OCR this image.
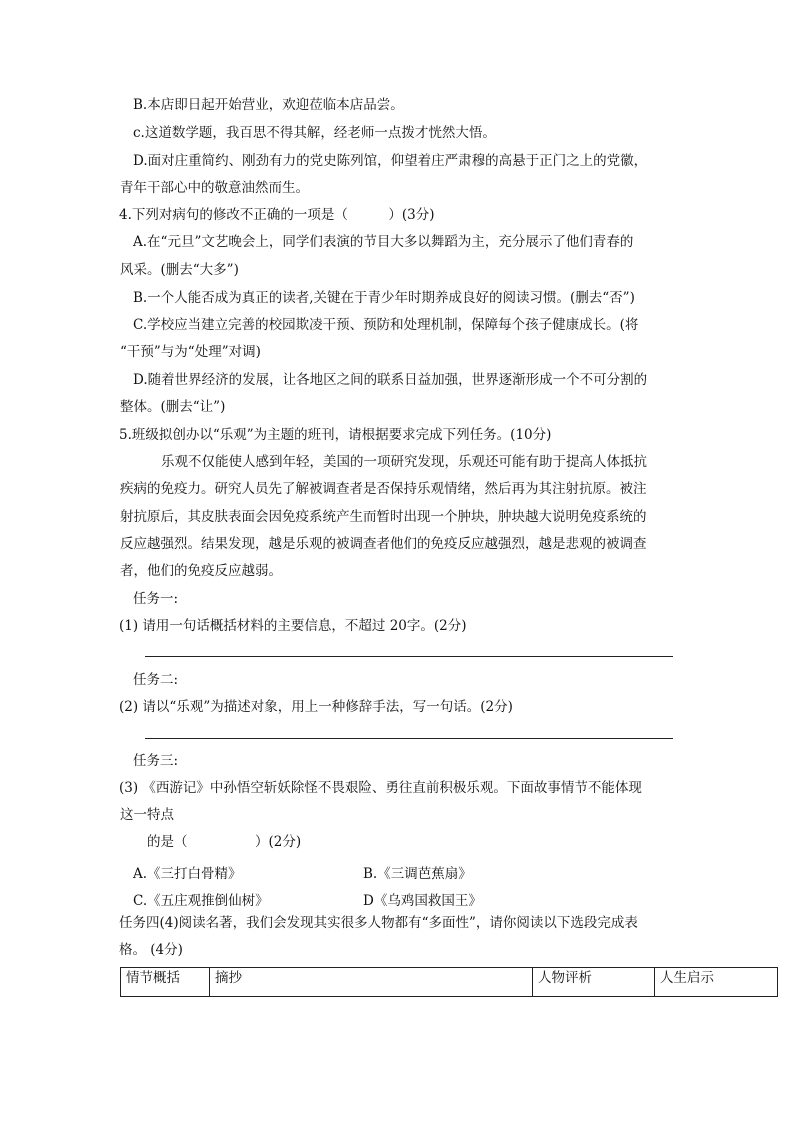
B.本店即日起开始营业，欢迎莅临本店品尝。
c.这道数学题，我百思不得其解，经老师一点拨才恍然大悟。
D.面对庄重简约、刚劲有力的党史陈列馆，仰望着庄严肃穆的高悬于正门之上的党徽，
青年干部心中的敬意油然而生。
4.下列对病句的修改不正确的一项是（　　　）(3分)
A.在“元旦”文艺晚会上，同学们表演的节目大多以舞蹈为主，充分展示了他们青春的
风采。(删去“大多”)
B.一个人能否成为真正的读者,关键在于青少年时期养成良好的阅读习惯。(删去“否”)
C.学校应当建立完善的校园欺凌干预、预防和处理机制，保障每个孩子健康成长。(将
“干预”与为“处理”对调)
D.随着世界经济的发展，让各地区之间的联系日益加强，世界逐渐形成一个不可分割的
整体。(删去“让”)
5.班级拟创办以“乐观”为主题的班刊，请根据要求完成下列任务。(10分)
乐观不仅能使人感到年轻，美国的一项研究发现，乐观还可能有助于提高人体抵抗
疾病的免疫力。研究人员先了解被调查者是否保持乐观情绪，然后再为其注射抗原。被注
射抗原后，其皮肤表面会因免疫系统产生而暂时出现一个肿块，肿块越大说明免疫系统的
反应越强烈。结果发现，越是乐观的被调查者他们的免疫反应越强烈，越是悲观的被调查
者，他们的免疫反应越弱。
任务一:
(1) 请用一句话概括材料的主要信息，不超过 20字。(2分)
任务二:
(2) 请以“乐观”为描述对象，用上一种修辞手法，写一句话。(2分)
任务三:
(3) 《西游记》中孙悟空斩妖除怪不畏艰险、勇往直前积极乐观。下面故事情节不能体现
这一特点
的是（　　　　　）(2分)
A.《三打白骨精》	B.《三调芭蕉扇》
C.《五庄观推倒仙树》	D《乌鸡国救国王》
任务四(4)阅读名著，我们会发现其实很多人物都有“多面性”，请你阅读以下选段完成表
格。 (4分)
情节概括	摘抄	人物评析	人生启示
